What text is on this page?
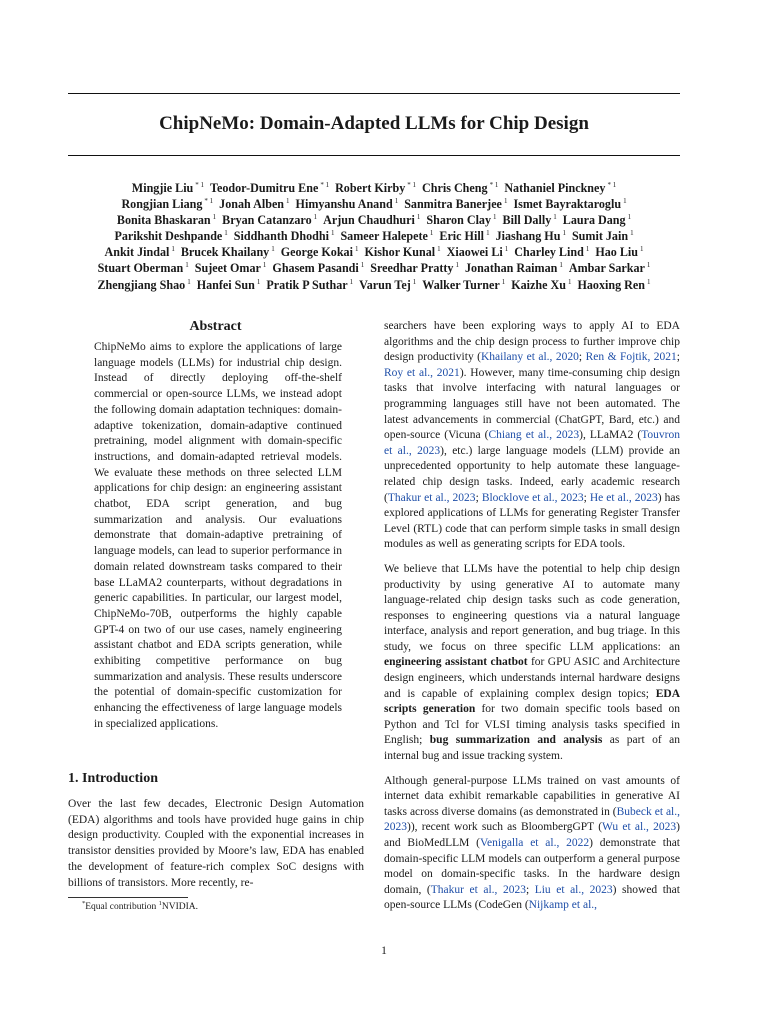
ChipNeMo: Domain-Adapted LLMs for Chip Design
Mingjie Liu $^{* 1}$ Teodor-Dumitru Ene $^{* 1}$ Robert Kirby $^{* 1}$ Chris Cheng $^{* 1}$ Nathaniel Pinckney $^{* 1}$
Rongjian Liang $^{* 1}$ Jonah Alben $^1$ Himyanshu Anand $^1$ Sanmitra Banerjee $^1$ Ismet Bayraktaroglu $^1$
Bonita Bhaskaran $^1$ Bryan Catanzaro $^1$ Arjun Chaudhuri $^1$ Sharon Clay $^1$ Bill Dally $^1$ Laura Dang $^1$
Parikshit Deshpande $^1$ Siddhanth Dhodhi $^1$ Sameer Halepete $^1$ Eric Hill $^1$ Jiashang Hu $^1$ Sumit Jain $^1$
Ankit Jindal $^1$ Brucek Khailany $^1$ George Kokai $^1$ Kishor Kunal $^1$ Xiaowei Li $^1$ Charley Lind $^1$ Hao Liu $^1$
Stuart Oberman $^1$ Sujeet Omar $^1$ Ghasem Pasandi $^1$ Sreedhar Pratty $^1$ Jonathan Raiman $^1$ Ambar Sarkar $^1$
Zhengjiang Shao $^1$ Hanfei Sun $^1$ Pratik P Suthar $^1$ Varun Tej $^1$ Walker Turner $^1$ Kaizhe Xu $^1$ Haoxing Ren $^1$
Abstract
ChipNeMo aims to explore the applications of large language models (LLMs) for industrial chip design. Instead of directly deploying off-the-shelf commercial or open-source LLMs, we instead adopt the following domain adaptation techniques: domain-adaptive tokenization, domain-adaptive continued pretraining, model alignment with domain-specific instructions, and domain-adapted retrieval models. We evaluate these methods on three selected LLM applications for chip design: an engineering assistant chatbot, EDA script generation, and bug summarization and analysis. Our evaluations demonstrate that domain-adaptive pretraining of language models, can lead to superior performance in domain related downstream tasks compared to their base LLaMA2 counterparts, without degradations in generic capabilities. In particular, our largest model, ChipNeMo-70B, outperforms the highly capable GPT-4 on two of our use cases, namely engineering assistant chatbot and EDA scripts generation, while exhibiting competitive performance on bug summarization and analysis. These results underscore the potential of domain-specific customization for enhancing the effectiveness of large language models in specialized applications.
1. Introduction
Over the last few decades, Electronic Design Automation (EDA) algorithms and tools have provided huge gains in chip design productivity. Coupled with the exponential increases in transistor densities provided by Moore’s law, EDA has enabled the development of feature-rich complex SoC designs with billions of transistors. More recently, re-
*Equal contribution $^1$NVIDIA.

searchers have been exploring ways to apply AI to EDA algorithms and the chip design process to further improve chip design productivity (Khailany et al., 2020; Ren & Fojtik, 2021; Roy et al., 2021). However, many time-consuming chip design tasks that involve interfacing with natural languages or programming languages still have not been automated. The latest advancements in commercial (ChatGPT, Bard, etc.) and open-source (Vicuna (Chiang et al., 2023), LLaMA2 (Touvron et al., 2023), etc.) large language models (LLM) provide an unprecedented opportunity to help automate these language-related chip design tasks. Indeed, early academic research (Thakur et al., 2023; Blocklove et al., 2023; He et al., 2023) has explored applications of LLMs for generating Register Transfer Level (RTL) code that can perform simple tasks in small design modules as well as generating scripts for EDA tools.

We believe that LLMs have the potential to help chip design productivity by using generative AI to automate many language-related chip design tasks such as code generation, responses to engineering questions via a natural language interface, analysis and report generation, and bug triage. In this study, we focus on three specific LLM applications: an engineering assistant chatbot for GPU ASIC and Architecture design engineers, which understands internal hardware designs and is capable of explaining complex design topics; EDA scripts generation for two domain specific tools based on Python and Tcl for VLSI timing analysis tasks specified in English; bug summarization and analysis as part of an internal bug and issue tracking system.

Although general-purpose LLMs trained on vast amounts of internet data exhibit remarkable capabilities in generative AI tasks across diverse domains (as demonstrated in (Bubeck et al., 2023)), recent work such as BloombergGPT (Wu et al., 2023) and BioMedLLM (Venigalla et al., 2022) demonstrate that domain-specific LLM models can outperform a general purpose model on domain-specific tasks. In the hardware design domain, (Thakur et al., 2023; Liu et al., 2023) showed that open-source LLMs (CodeGen (Nijkamp et al.,

1
